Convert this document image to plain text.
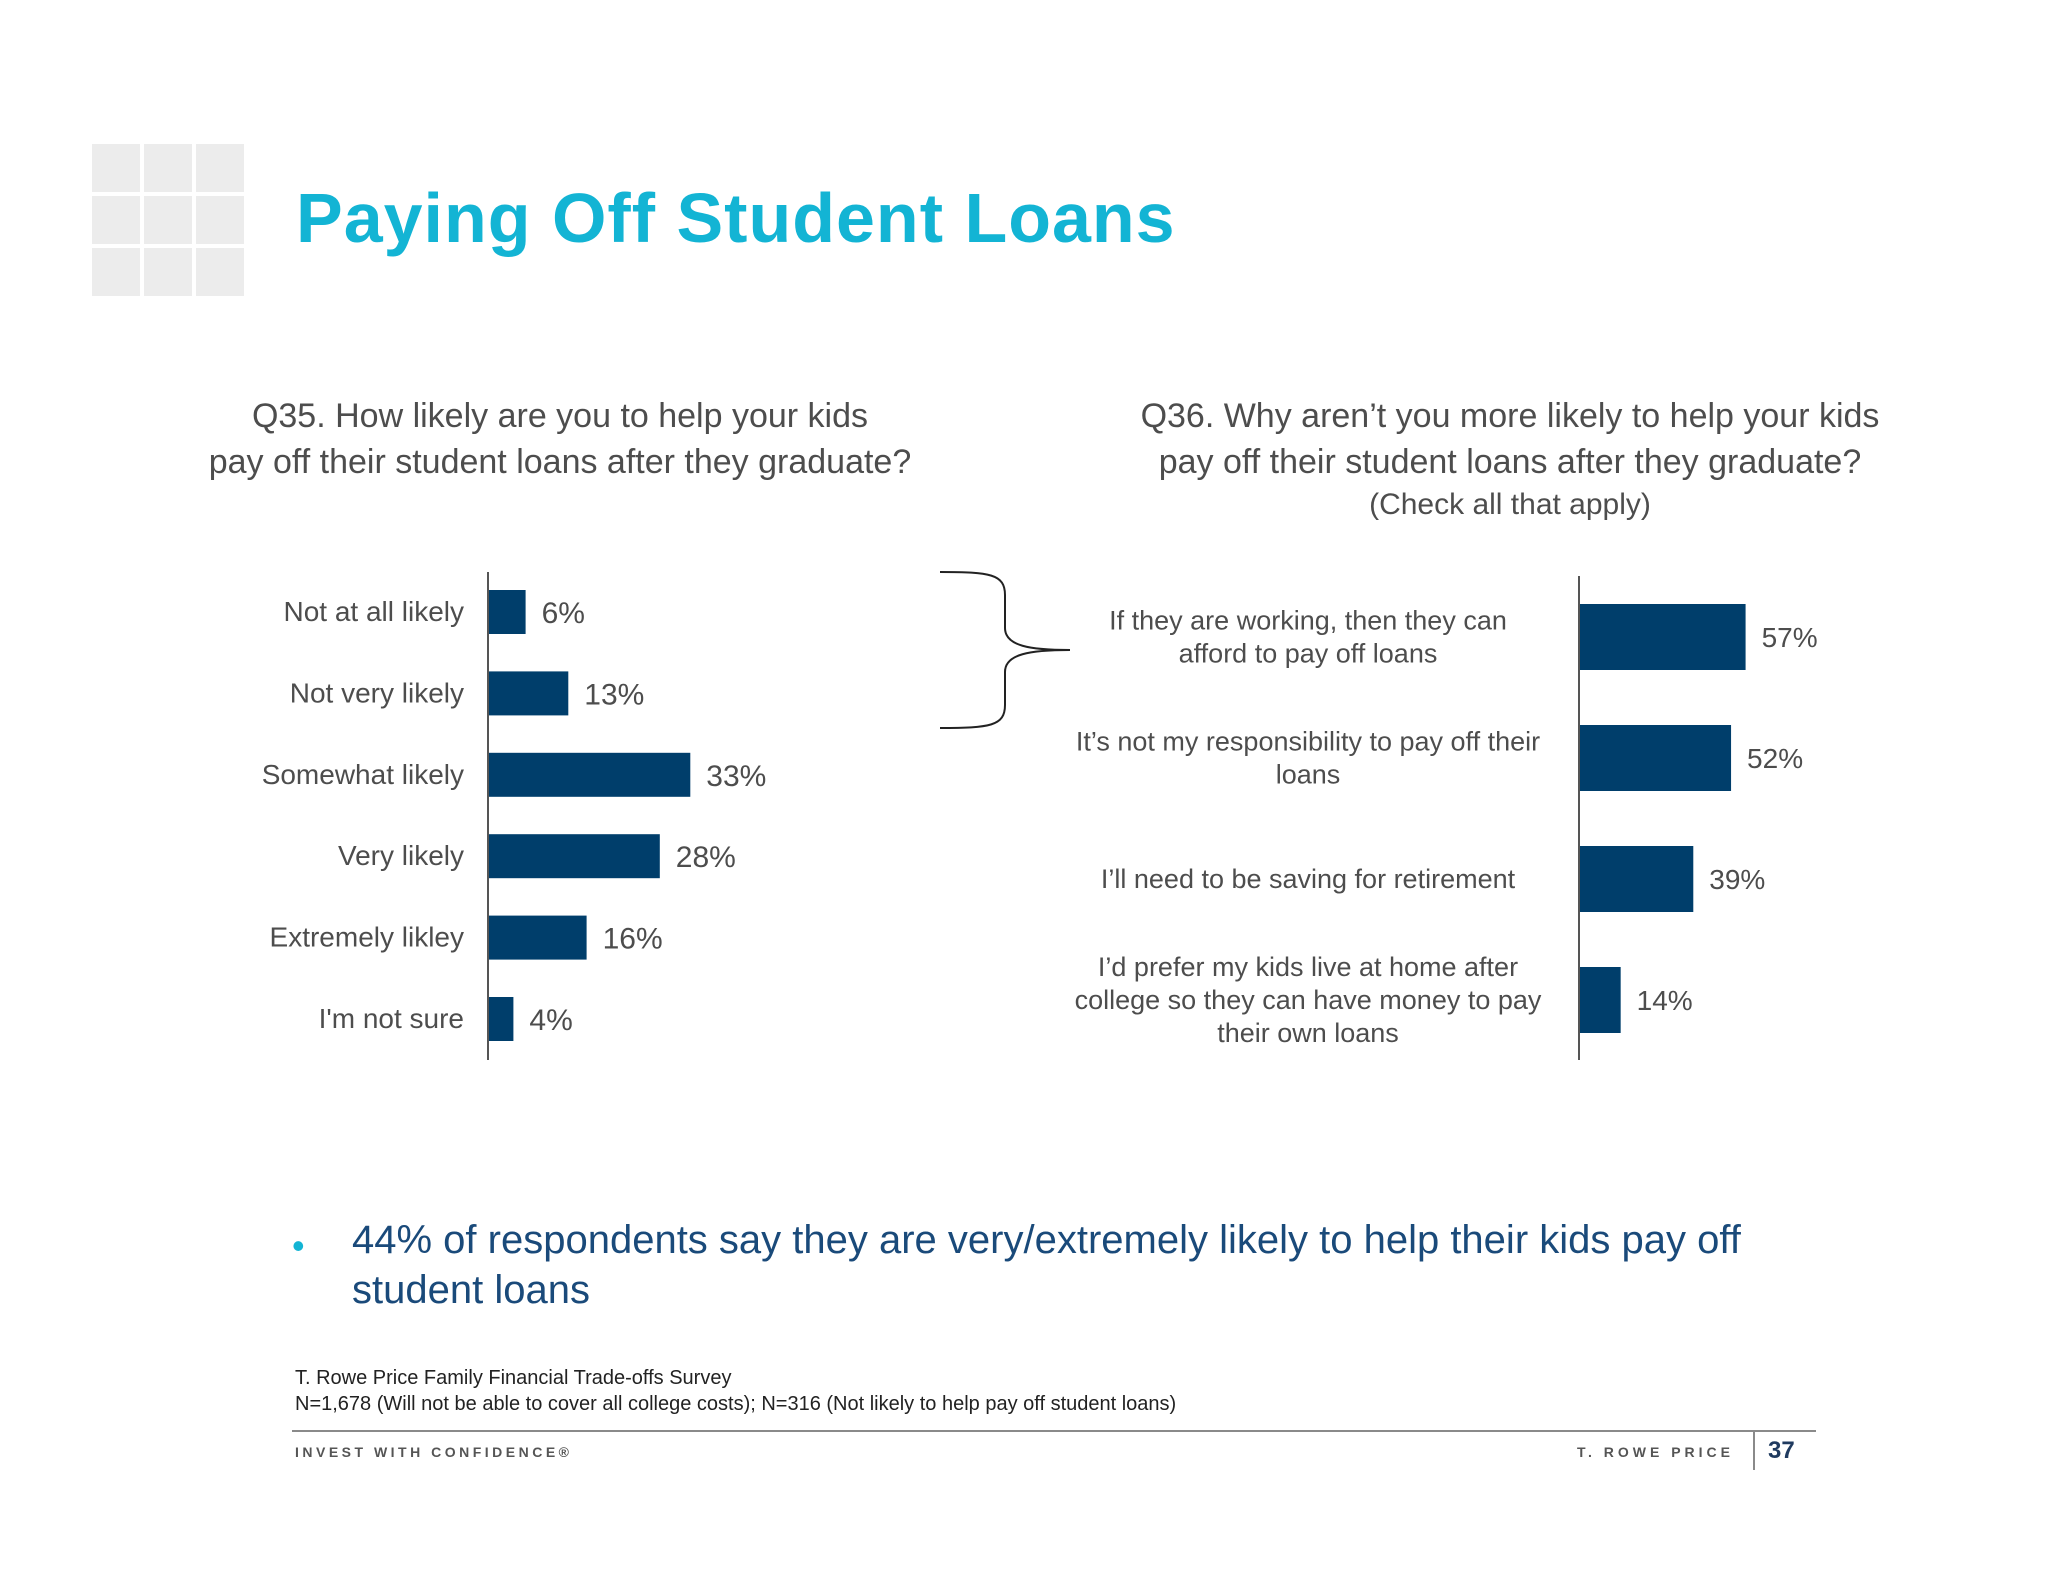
Paying Off Student Loans
Q35. How likely are you to help your kids
pay off their student loans after they graduate?
Q36. Why aren’t you more likely to help your kids
pay off their student loans after they graduate?
(Check all that apply)
Not at all likely	6%
Not very likely	13%
Somewhat likely	33%
Very likely	28%
Extremely likley	16%
I'm not sure 4%
If they are working, then they can
afford to pay off loans
57%
It’s not my responsibility to pay off their
loans
52%
I’ll need to be saving for retirement	39%
I’d prefer my kids live at home after
college so they can have money to pay
their own loans
14%
• 44% of respondents say they are very/extremely likely to help their kids pay off student loans
T. Rowe Price Family Financial Trade-offs Survey
N=1,678 (Will not be able to cover all college costs); N=316 (Not likely to help pay off student loans)
INVEST WITH CONFIDENCE®	T. ROWE PRICE 37
